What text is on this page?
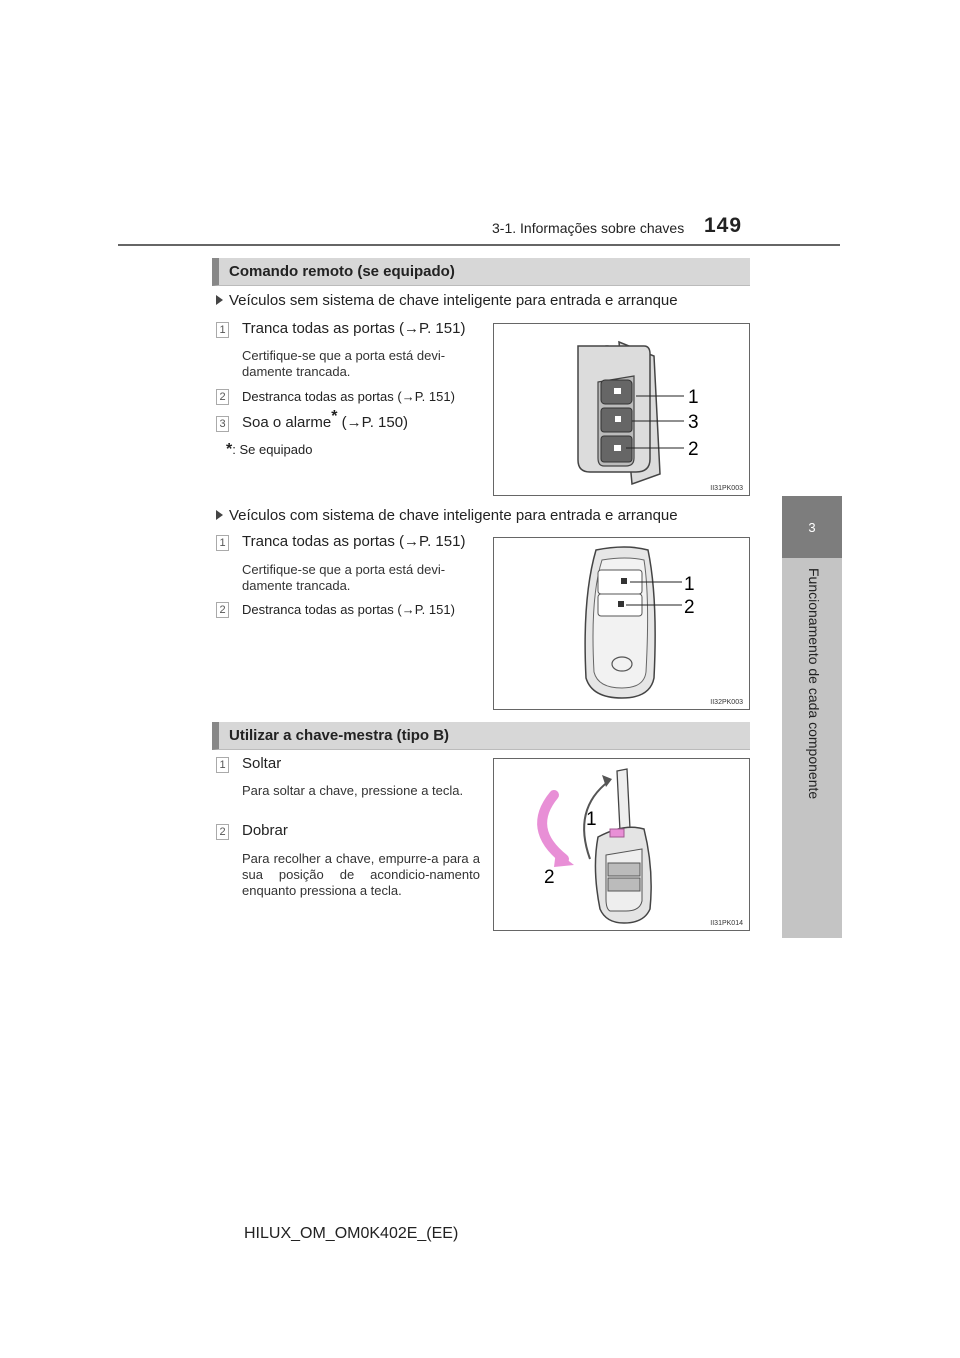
3-1. Informações sobre chaves 149
3
Funcionamento de cada componente
Comando remoto (se equipado)
Veículos sem sistema de chave inteligente para entrada e arranque
1 Tranca todas as portas (→P. 151)
Certifique-se que a porta está devi-damente trancada.
2 Destranca todas as portas (→P. 151)
3 Soa o alarme* (→P. 150)
*: Se equipado
1
3
2
II31PK003
Veículos com sistema de chave inteligente para entrada e arranque
1 Tranca todas as portas (→P. 151)
Certifique-se que a porta está devi-damente trancada.
2 Destranca todas as portas (→P. 151)
1
2
II32PK003
Utilizar a chave-mestra (tipo B)
1 Soltar
Para soltar a chave, pressione a tecla.
2 Dobrar
Para recolher a chave, empurre-a para a sua posição de acondicio-namento enquanto pressiona a tecla.
1
2
II31PK014
HILUX_OM_OM0K402E_(EE)
